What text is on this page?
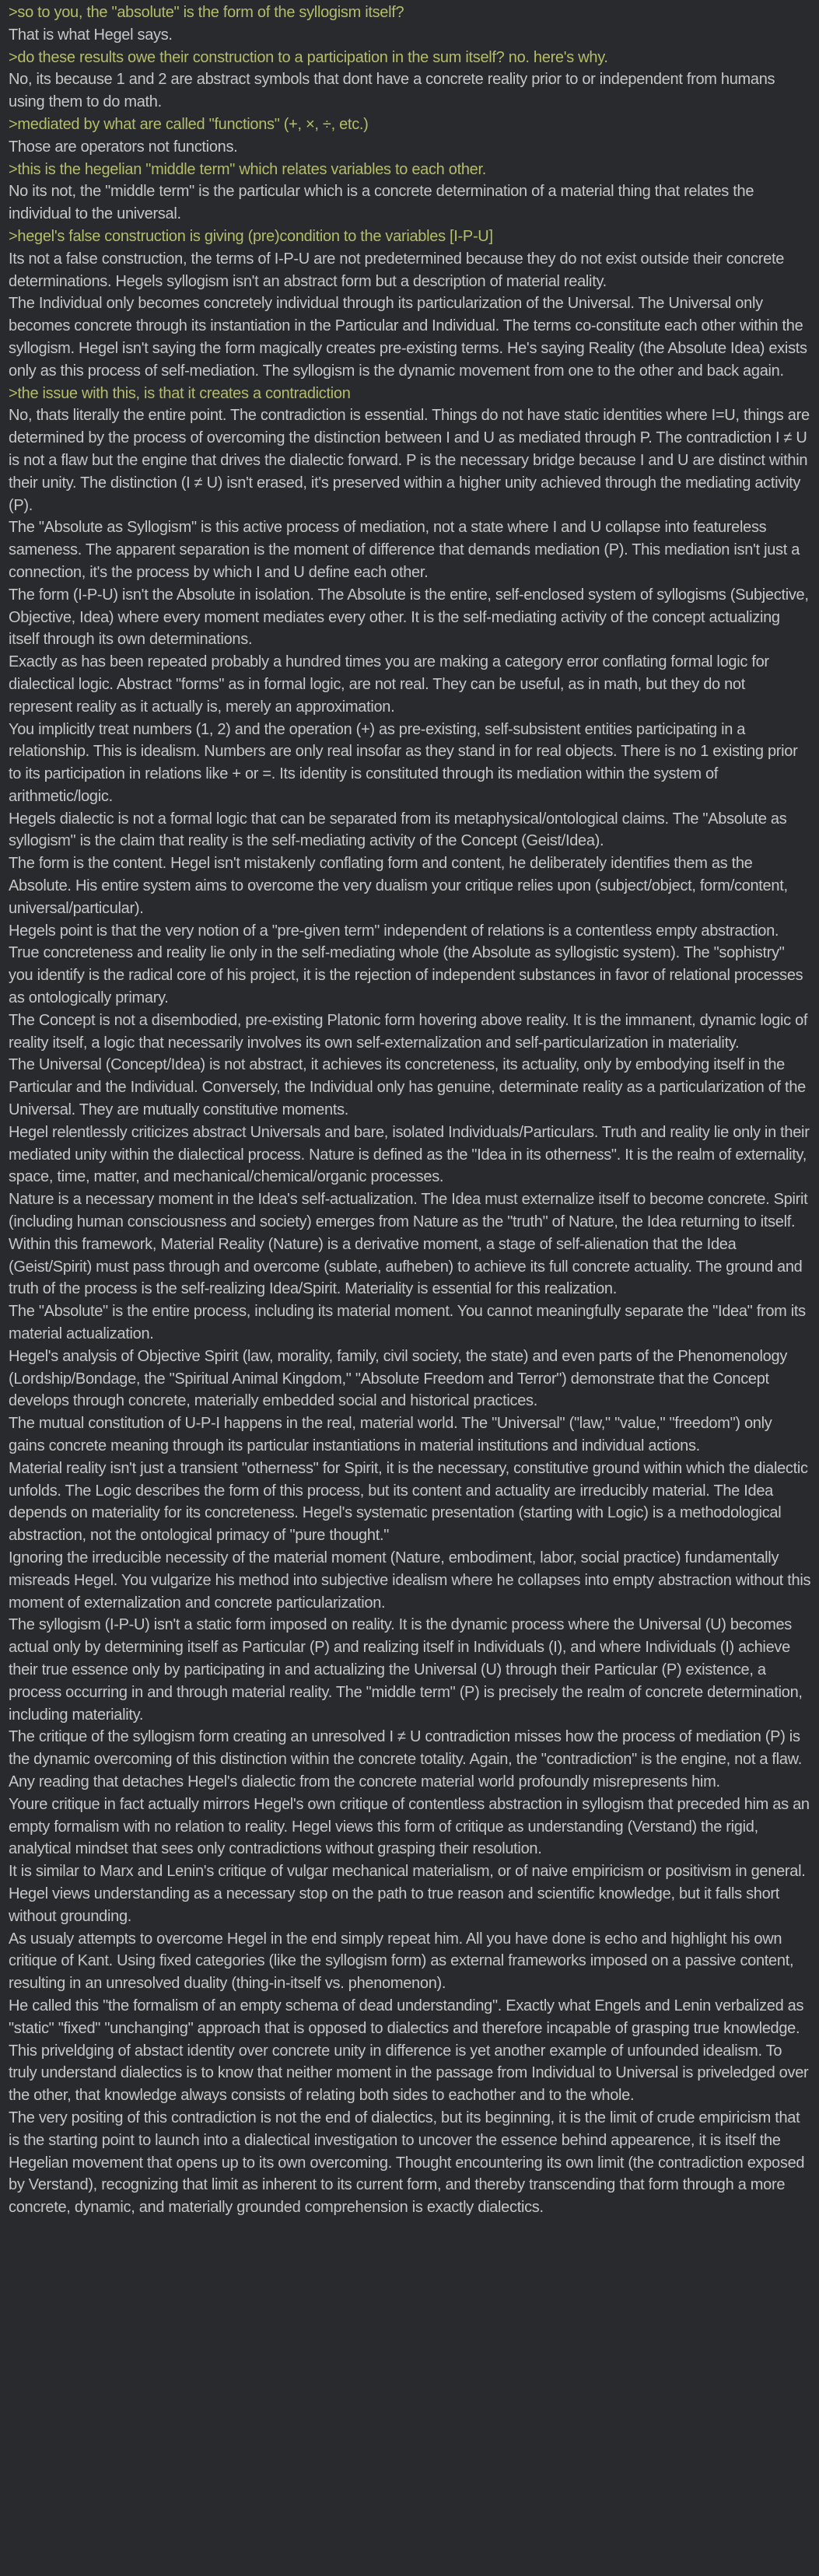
>so to you, the "absolute" is the form of the syllogism itself?
That is what Hegel says.
>do these results owe their construction to a participation in the sum itself? no. here's why.
No, its because 1 and 2 are abstract symbols that dont have a concrete reality prior to or independent from humans using them to do math.
>mediated by what are called "functions" (+, ×, ÷, etc.)
Those are operators not functions.
>this is the hegelian "middle term" which relates variables to each other.
No its not, the "middle term" is the particular which is a concrete determination of a material thing that relates the individual to the universal.
>hegel's false construction is giving (pre)condition to the variables [I-P-U]
Its not a false construction, the terms of I-P-U are not predetermined because they do not exist outside their concrete determinations. Hegels syllogism isn't an abstract form but a description of material reality.
The Individual only becomes concretely individual through its particularization of the Universal. The Universal only becomes concrete through its instantiation in the Particular and Individual. The terms co-constitute each other within the syllogism. Hegel isn't saying the form magically creates pre-existing terms. He's saying Reality (the Absolute Idea) exists only as this process of self-mediation. The syllogism is the dynamic movement from one to the other and back again.
>the issue with this, is that it creates a contradiction
No, thats literally the entire point. The contradiction is essential. Things do not have static identities where I=U, things are determined by the process of overcoming the distinction between I and U as mediated through P. The contradiction I ≠ U is not a flaw but the engine that drives the dialectic forward. P is the necessary bridge because I and U are distinct within their unity. The distinction (I ≠ U) isn't erased, it's preserved within a higher unity achieved through the mediating activity (P).
The "Absolute as Syllogism" is this active process of mediation, not a state where I and U collapse into featureless sameness. The apparent separation is the moment of difference that demands mediation (P). This mediation isn't just a connection, it's the process by which I and U define each other.
The form (I-P-U) isn't the Absolute in isolation. The Absolute is the entire, self-enclosed system of syllogisms (Subjective, Objective, Idea) where every moment mediates every other. It is the self-mediating activity of the concept actualizing itself through its own determinations.
Exactly as has been repeated probably a hundred times you are making a category error conflating formal logic for dialectical logic. Abstract "forms" as in formal logic, are not real. They can be useful, as in math, but they do not represent reality as it actually is, merely an approximation.
You implicitly treat numbers (1, 2) and the operation (+) as pre-existing, self-subsistent entities participating in a relationship. This is idealism. Numbers are only real insofar as they stand in for real objects. There is no 1 existing prior to its participation in relations like + or =. Its identity is constituted through its mediation within the system of arithmetic/logic.
Hegels dialectic is not a formal logic that can be separated from its metaphysical/ontological claims. The "Absolute as syllogism" is the claim that reality is the self-mediating activity of the Concept (Geist/Idea).
The form is the content. Hegel isn't mistakenly conflating form and content, he deliberately identifies them as the Absolute. His entire system aims to overcome the very dualism your critique relies upon (subject/object, form/content, universal/particular).
Hegels point is that the very notion of a "pre-given term" independent of relations is a contentless empty abstraction. True concreteness and reality lie only in the self-mediating whole (the Absolute as syllogistic system). The "sophistry" you identify is the radical core of his project, it is the rejection of independent substances in favor of relational processes as ontologically primary.
The Concept is not a disembodied, pre-existing Platonic form hovering above reality. It is the immanent, dynamic logic of reality itself, a logic that necessarily involves its own self-externalization and self-particularization in materiality.
The Universal (Concept/Idea) is not abstract, it achieves its concreteness, its actuality, only by embodying itself in the Particular and the Individual. Conversely, the Individual only has genuine, determinate reality as a particularization of the Universal. They are mutually constitutive moments.
Hegel relentlessly criticizes abstract Universals and bare, isolated Individuals/Particulars. Truth and reality lie only in their mediated unity within the dialectical process. Nature is defined as the "Idea in its otherness". It is the realm of externality, space, time, matter, and mechanical/chemical/organic processes.
Nature is a necessary moment in the Idea's self-actualization. The Idea must externalize itself to become concrete. Spirit (including human consciousness and society) emerges from Nature as the "truth" of Nature, the Idea returning to itself.
Within this framework, Material Reality (Nature) is a derivative moment, a stage of self-alienation that the Idea (Geist/Spirit) must pass through and overcome (sublate, aufheben) to achieve its full concrete actuality. The ground and truth of the process is the self-realizing Idea/Spirit. Materiality is essential for this realization.
The "Absolute" is the entire process, including its material moment. You cannot meaningfully separate the "Idea" from its material actualization.
Hegel's analysis of Objective Spirit (law, morality, family, civil society, the state) and even parts of the Phenomenology (Lordship/Bondage, the "Spiritual Animal Kingdom," "Absolute Freedom and Terror") demonstrate that the Concept develops through concrete, materially embedded social and historical practices.
The mutual constitution of U-P-I happens in the real, material world. The "Universal" ("law," "value," "freedom") only gains concrete meaning through its particular instantiations in material institutions and individual actions.
Material reality isn't just a transient "otherness" for Spirit, it is the necessary, constitutive ground within which the dialectic unfolds. The Logic describes the form of this process, but its content and actuality are irreducibly material. The Idea depends on materiality for its concreteness. Hegel's systematic presentation (starting with Logic) is a methodological abstraction, not the ontological primacy of "pure thought."
Ignoring the irreducible necessity of the material moment (Nature, embodiment, labor, social practice) fundamentally misreads Hegel. You vulgarize his method into subjective idealism where he collapses into empty abstraction without this moment of externalization and concrete particularization.
The syllogism (I-P-U) isn't a static form imposed on reality. It is the dynamic process where the Universal (U) becomes actual only by determining itself as Particular (P) and realizing itself in Individuals (I), and where Individuals (I) achieve their true essence only by participating in and actualizing the Universal (U) through their Particular (P) existence, a process occurring in and through material reality. The "middle term" (P) is precisely the realm of concrete determination, including materiality.
The critique of the syllogism form creating an unresolved I ≠ U contradiction misses how the process of mediation (P) is the dynamic overcoming of this distinction within the concrete totality. Again, the "contradiction" is the engine, not a flaw. Any reading that detaches Hegel's dialectic from the concrete material world profoundly misrepresents him.
Youre critique in fact actually mirrors Hegel's own critique of contentless abstraction in syllogism that preceded him as an empty formalism with no relation to reality. Hegel views this form of critique as understanding (Verstand) the rigid, analytical mindset that sees only contradictions without grasping their resolution.
It is similar to Marx and Lenin's critique of vulgar mechanical materialism, or of naive empiricism or positivism in general. Hegel views understanding as a necessary stop on the path to true reason and scientific knowledge, but it falls short without grounding.
As usualy attempts to overcome Hegel in the end simply repeat him. All you have done is echo and highlight his own critique of Kant. Using fixed categories (like the syllogism form) as external frameworks imposed on a passive content, resulting in an unresolved duality (thing-in-itself vs. phenomenon).
He called this "the formalism of an empty schema of dead understanding". Exactly what Engels and Lenin verbalized as "static" "fixed" "unchanging" approach that is opposed to dialectics and therefore incapable of grasping true knowledge.
This priveldging of abstact identity over concrete unity in difference is yet another example of unfounded idealism. To truly understand dialectics is to know that neither moment in the passage from Individual to Universal is priveledged over the other, that knowledge always consists of relating both sides to eachother and to the whole.
The very positing of this contradiction is not the end of dialectics, but its beginning, it is the limit of crude empiricism that is the starting point to launch into a dialectical investigation to uncover the essence behind appearence, it is itself the Hegelian movement that opens up to its own overcoming. Thought encountering its own limit (the contradiction exposed by Verstand), recognizing that limit as inherent to its current form, and thereby transcending that form through a more concrete, dynamic, and materially grounded comprehension is exactly dialectics.
